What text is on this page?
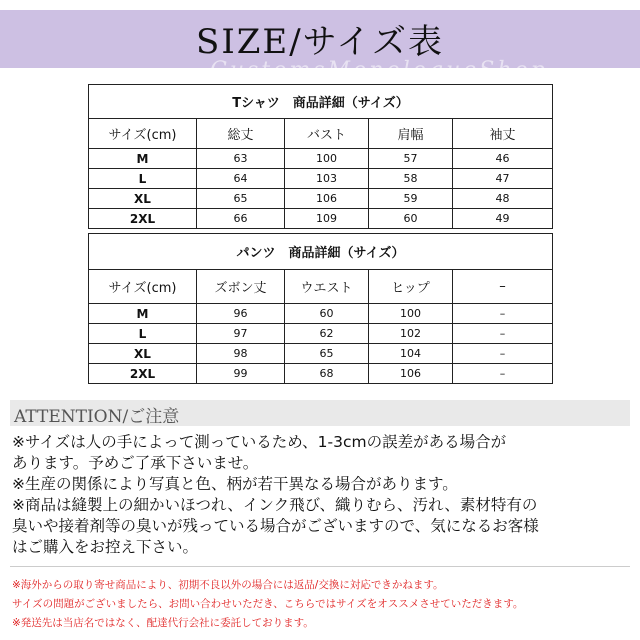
SIZE/サイズ表
CustomsMonologueShop
Tシャツ　商品詳細（サイズ）				
サイズ(cm)	総丈	バスト	肩幅	袖丈
M	63	100	57	46
L	64	103	58	47
XL	65	106	59	48
2XL	66	109	60	49
パンツ　商品詳細（サイズ）				
サイズ(cm)	ズボン丈	ウエスト	ヒップ	–
M	96	60	100	–
L	97	62	102	–
XL	98	65	104	–
2XL	99	68	106	–
ATTENTION/ご注意
※サイズは人の手によって測っているため、1-3cmの誤差がある場合が
あります。予めご了承下さいませ。
※生産の関係により写真と色、柄が若干異なる場合があります。
※商品は縫製上の細かいほつれ、インク飛び、織りむら、汚れ、素材特有の
臭いや接着剤等の臭いが残っている場合がございますので、気になるお客様
はご購入をお控え下さい。
※海外からの取り寄せ商品により、初期不良以外の場合には返品/交換に対応できかねます。
サイズの問題がございましたら、お問い合わせいただき、こちらではサイズをオススメさせていただきます。
※発送先は当店名ではなく、配達代行会社に委託しております。
